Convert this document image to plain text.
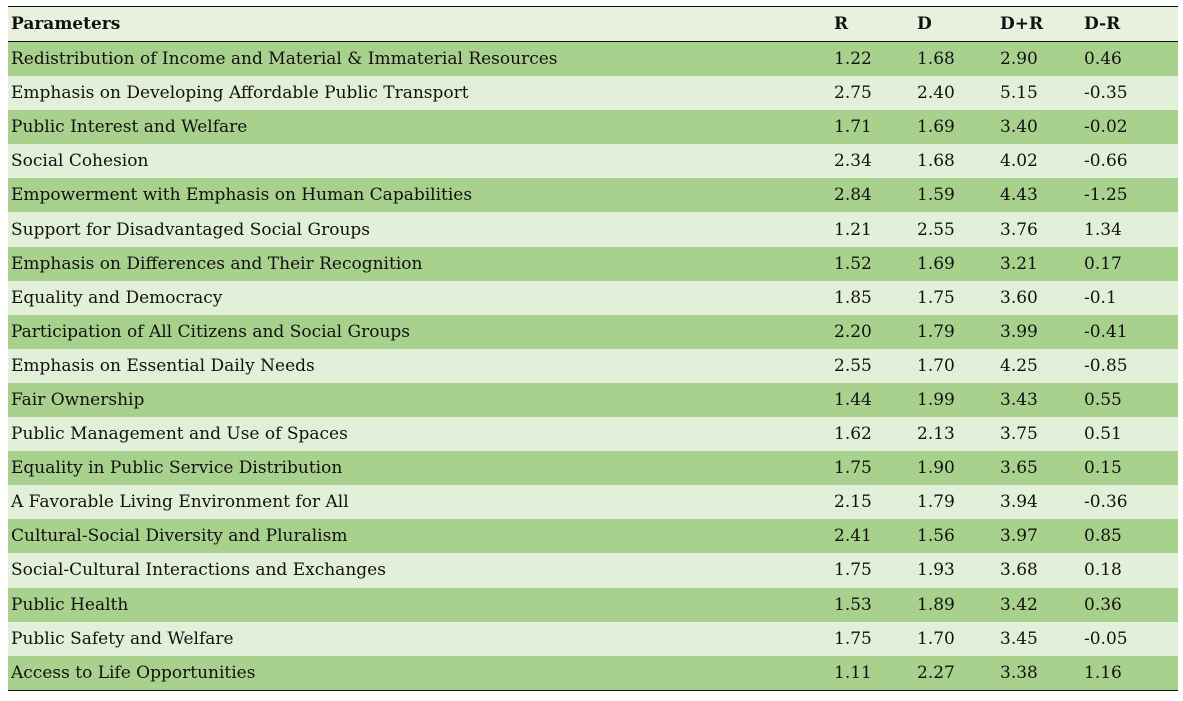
Parameters	R	D	D+R	D-R
Redistribution of Income and Material & Immaterial Resources	1.22	1.68	2.90	0.46
Emphasis on Developing Affordable Public Transport	2.75	2.40	5.15	-0.35
Public Interest and Welfare	1.71	1.69	3.40	-0.02
Social Cohesion	2.34	1.68	4.02	-0.66
Empowerment with Emphasis on Human Capabilities	2.84	1.59	4.43	-1.25
Support for Disadvantaged Social Groups	1.21	2.55	3.76	1.34
Emphasis on Differences and Their Recognition	1.52	1.69	3.21	0.17
Equality and Democracy	1.85	1.75	3.60	-0.1
Participation of All Citizens and Social Groups	2.20	1.79	3.99	-0.41
Emphasis on Essential Daily Needs	2.55	1.70	4.25	-0.85
Fair Ownership	1.44	1.99	3.43	0.55
Public Management and Use of Spaces	1.62	2.13	3.75	0.51
Equality in Public Service Distribution	1.75	1.90	3.65	0.15
A Favorable Living Environment for All	2.15	1.79	3.94	-0.36
Cultural-Social Diversity and Pluralism	2.41	1.56	3.97	0.85
Social-Cultural Interactions and Exchanges	1.75	1.93	3.68	0.18
Public Health	1.53	1.89	3.42	0.36
Public Safety and Welfare	1.75	1.70	3.45	-0.05
Access to Life Opportunities	1.11	2.27	3.38	1.16
